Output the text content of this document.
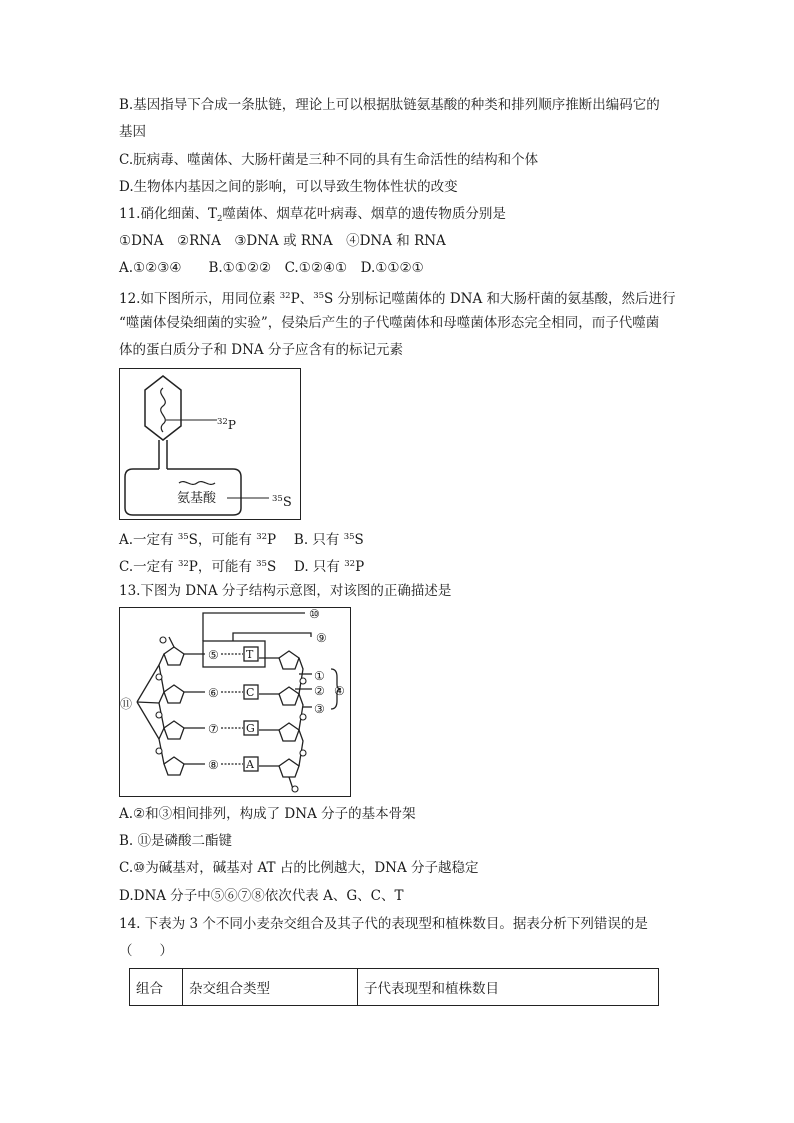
B.基因指导下合成一条肽链，理论上可以根据肽链氨基酸的种类和排列顺序推断出编码它的
基因
C.朊病毒、噬菌体、大肠杆菌是三种不同的具有生命活性的结构和个体
D.生物体内基因之间的影响，可以导致生物体性状的改变
11.硝化细菌、$T_2$噬菌体、烟草花叶病毒、烟草的遗传物质分别是
①DNA　②RNA　③DNA 或 RNA　④DNA 和 RNA
A.①②③④　　B.①①②②　C.①②④①　D.①①②①
12.如下图所示，用同位素 $^{32}$P、$^{35}$S 分别标记噬菌体的 DNA 和大肠杆菌的氨基酸，然后进行
“噬菌体侵染细菌的实验”，侵染后产生的子代噬菌体和母噬菌体形态完全相同，而子代噬菌
体的蛋白质分子和 DNA 分子应含有的标记元素
$^{32}$P
氨基酸	$^{35}$S
A.一定有 $^{35}$S，可能有 $^{32}$P　 B. 只有 $^{35}$S
C.一定有 $^{32}$P，可能有 $^{35}$S　 D. 只有 $^{32}$P
13.下图为 DNA 分子结构示意图，对该图的正确描述是
⑩
⑨
⑤ T
①
② ④
⑥ C
③
⑪
⑦ G
⑧ A
A.②和③相间排列，构成了 DNA 分子的基本骨架
B. ⑪是磷酸二酯键
C.⑩为碱基对，碱基对 AT 占的比例越大，DNA 分子越稳定
D.DNA 分子中⑤⑥⑦⑧依次代表 A、G、C、T
14. 下表为 3 个不同小麦杂交组合及其子代的表现型和植株数目。据表分析下列错误的是
（　　）
组合	杂交组合类型	子代表现型和植株数目
